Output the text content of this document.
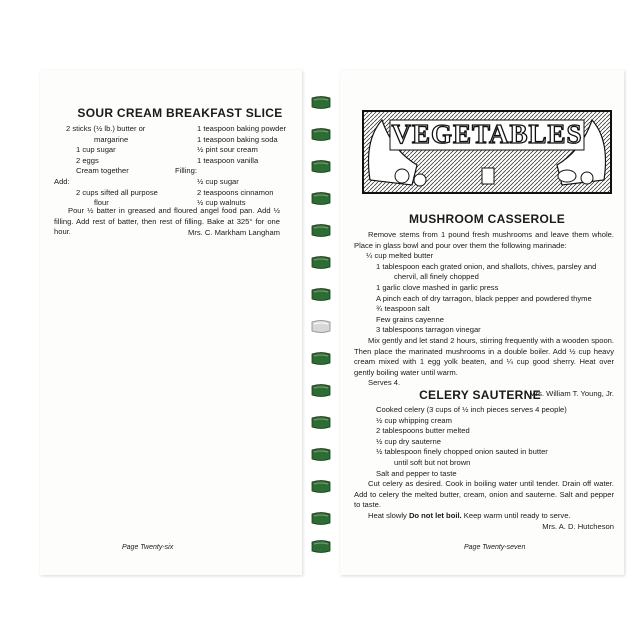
SOUR CREAM BREAKFAST SLICE
2 sticks (½ lb.) butter or
margarine
1 cup sugar
2 eggs
Cream together
Add:
2 cups sifted all purpose
flour
1 teaspoon baking powder
1 teaspoon baking soda
½ pint sour cream
1 teaspoon vanilla
Filling:
½ cup sugar
2 teaspoons cinnamon
½ cup walnuts
Pour ½ batter in greased and floured angel food pan. Add ½ filling. Add rest of batter, then rest of filling. Bake at 325° for one hour.	Mrs. C. Markham Langham
Page Twenty-six
VEGETABLES
MUSHROOM CASSEROLE
Remove stems from 1 pound fresh mushrooms and leave them whole. Place in glass bowl and pour over them the following marinade:
¼ cup melted butter
1 tablespoon each grated onion, and shallots, chives, parsley and
chervil, all finely chopped
1 garlic clove mashed in garlic press
A pinch each of dry tarragon, black pepper and powdered thyme
¾ teaspoon salt
Few grains cayenne
3 tablespoons tarragon vinegar
Mix gently and let stand 2 hours, stirring frequently with a wooden spoon. Then place the marinated mushrooms in a double boiler. Add ½ cup heavy cream mixed with 1 egg yolk beaten, and ¼ cup good sherry. Heat over gently boiling water until warm.
Serves 4.
Mrs. William T. Young, Jr.
CELERY SAUTERNE
Cooked celery (3 cups of ½ inch pieces serves 4 people)
½ cup whipping cream
2 tablespoons butter melted
½ cup dry sauterne
½ tablespoon finely chopped onion sauted in butter
until soft but not brown
Salt and pepper to taste
Cut celery as desired. Cook in boiling water until tender. Drain off water. Add to celery the melted butter, cream, onion and sauterne. Salt and pepper to taste.
Heat slowly Do not let boil. Keep warm until ready to serve.
Mrs. A. D. Hutcheson
Page Twenty-seven
